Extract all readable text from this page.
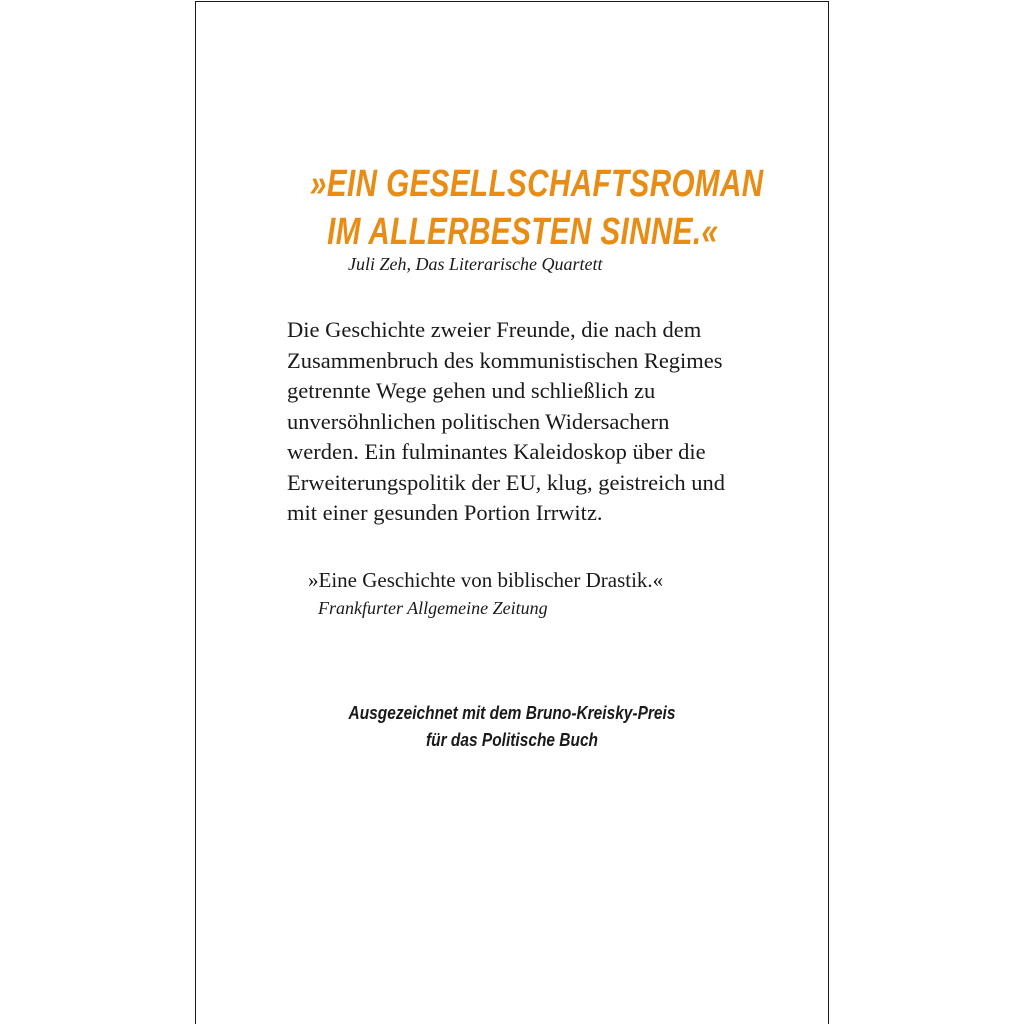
»EIN GESELLSCHAFTSROMAN
IM ALLERBESTEN SINNE.«
Juli Zeh, Das Literarische Quartett

Die Geschichte zweier Freunde, die nach dem
Zusammenbruch des kommunistischen Regimes
getrennte Wege gehen und schließlich zu
unversöhnlichen politischen Widersachern
werden. Ein fulminantes Kaleidoskop über die
Erweiterungspolitik der EU, klug, geistreich und
mit einer gesunden Portion Irrwitz.

»Eine Geschichte von biblischer Drastik.«
Frankfurter Allgemeine Zeitung
Ausgezeichnet mit dem Bruno-Kreisky-Preis
für das Politische Buch
